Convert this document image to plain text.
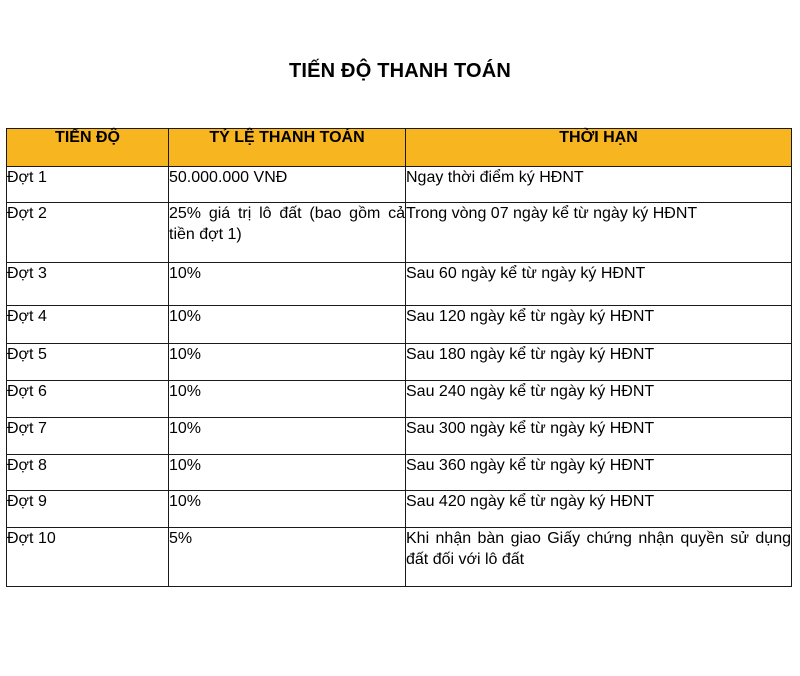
TIẾN ĐỘ THANH TOÁN
TIẾN ĐỘ	TỶ LỆ THANH TOÁN	THỜI HẠN
Đợt 1	50.000.000 VNĐ	Ngay thời điểm ký HĐNT
Đợt 2	25% giá trị lô đất (bao gồm cả tiền đợt 1)	Trong vòng 07 ngày kể từ ngày ký HĐNT
Đợt 3	10%	Sau 60 ngày kể từ ngày ký HĐNT
Đợt 4	10%	Sau 120 ngày kể từ ngày ký HĐNT
Đợt 5	10%	Sau 180 ngày kể từ ngày ký HĐNT
Đợt 6	10%	Sau 240 ngày kể từ ngày ký HĐNT
Đợt 7	10%	Sau 300 ngày kể từ ngày ký HĐNT
Đợt 8	10%	Sau 360 ngày kể từ ngày ký HĐNT
Đợt 9	10%	Sau 420 ngày kể từ ngày ký HĐNT
Đợt 10	5%	Khi nhận bàn giao Giấy chứng nhận quyền sử dụng đất đối với lô đất
